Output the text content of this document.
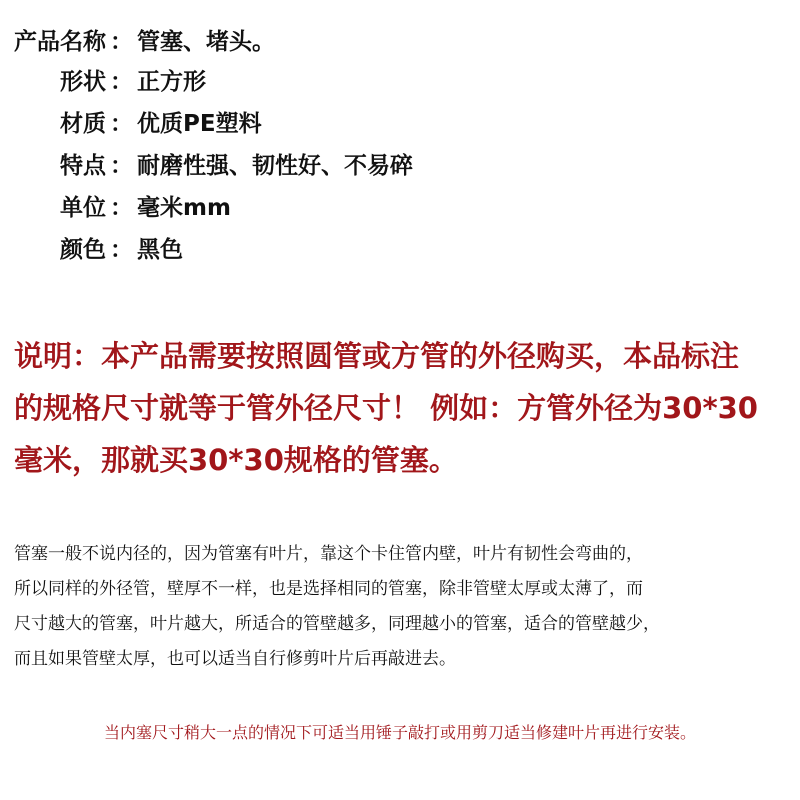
产品名称 ： 管塞、堵头。
形状 ： 正方形
材质 ： 优质PE塑料
特点 ： 耐磨性强、韧性好、不易碎
单位 ： 毫米mm
颜色 ： 黑色
说明：本产品需要按照圆管或方管的外径购买，本品标注
的规格尺寸就等于管外径尺寸！ 例如：方管外径为30*30
毫米，那就买30*30规格的管塞。
管塞一般不说内径的，因为管塞有叶片，靠这个卡住管内壁，叶片有韧性会弯曲的，
所以同样的外径管，壁厚不一样，也是选择相同的管塞，除非管壁太厚或太薄了，而
尺寸越大的管塞，叶片越大，所适合的管壁越多，同理越小的管塞，适合的管壁越少，
而且如果管壁太厚，也可以适当自行修剪叶片后再敲进去。
当内塞尺寸稍大一点的情况下可适当用锤子敲打或用剪刀适当修建叶片再进行安装。
